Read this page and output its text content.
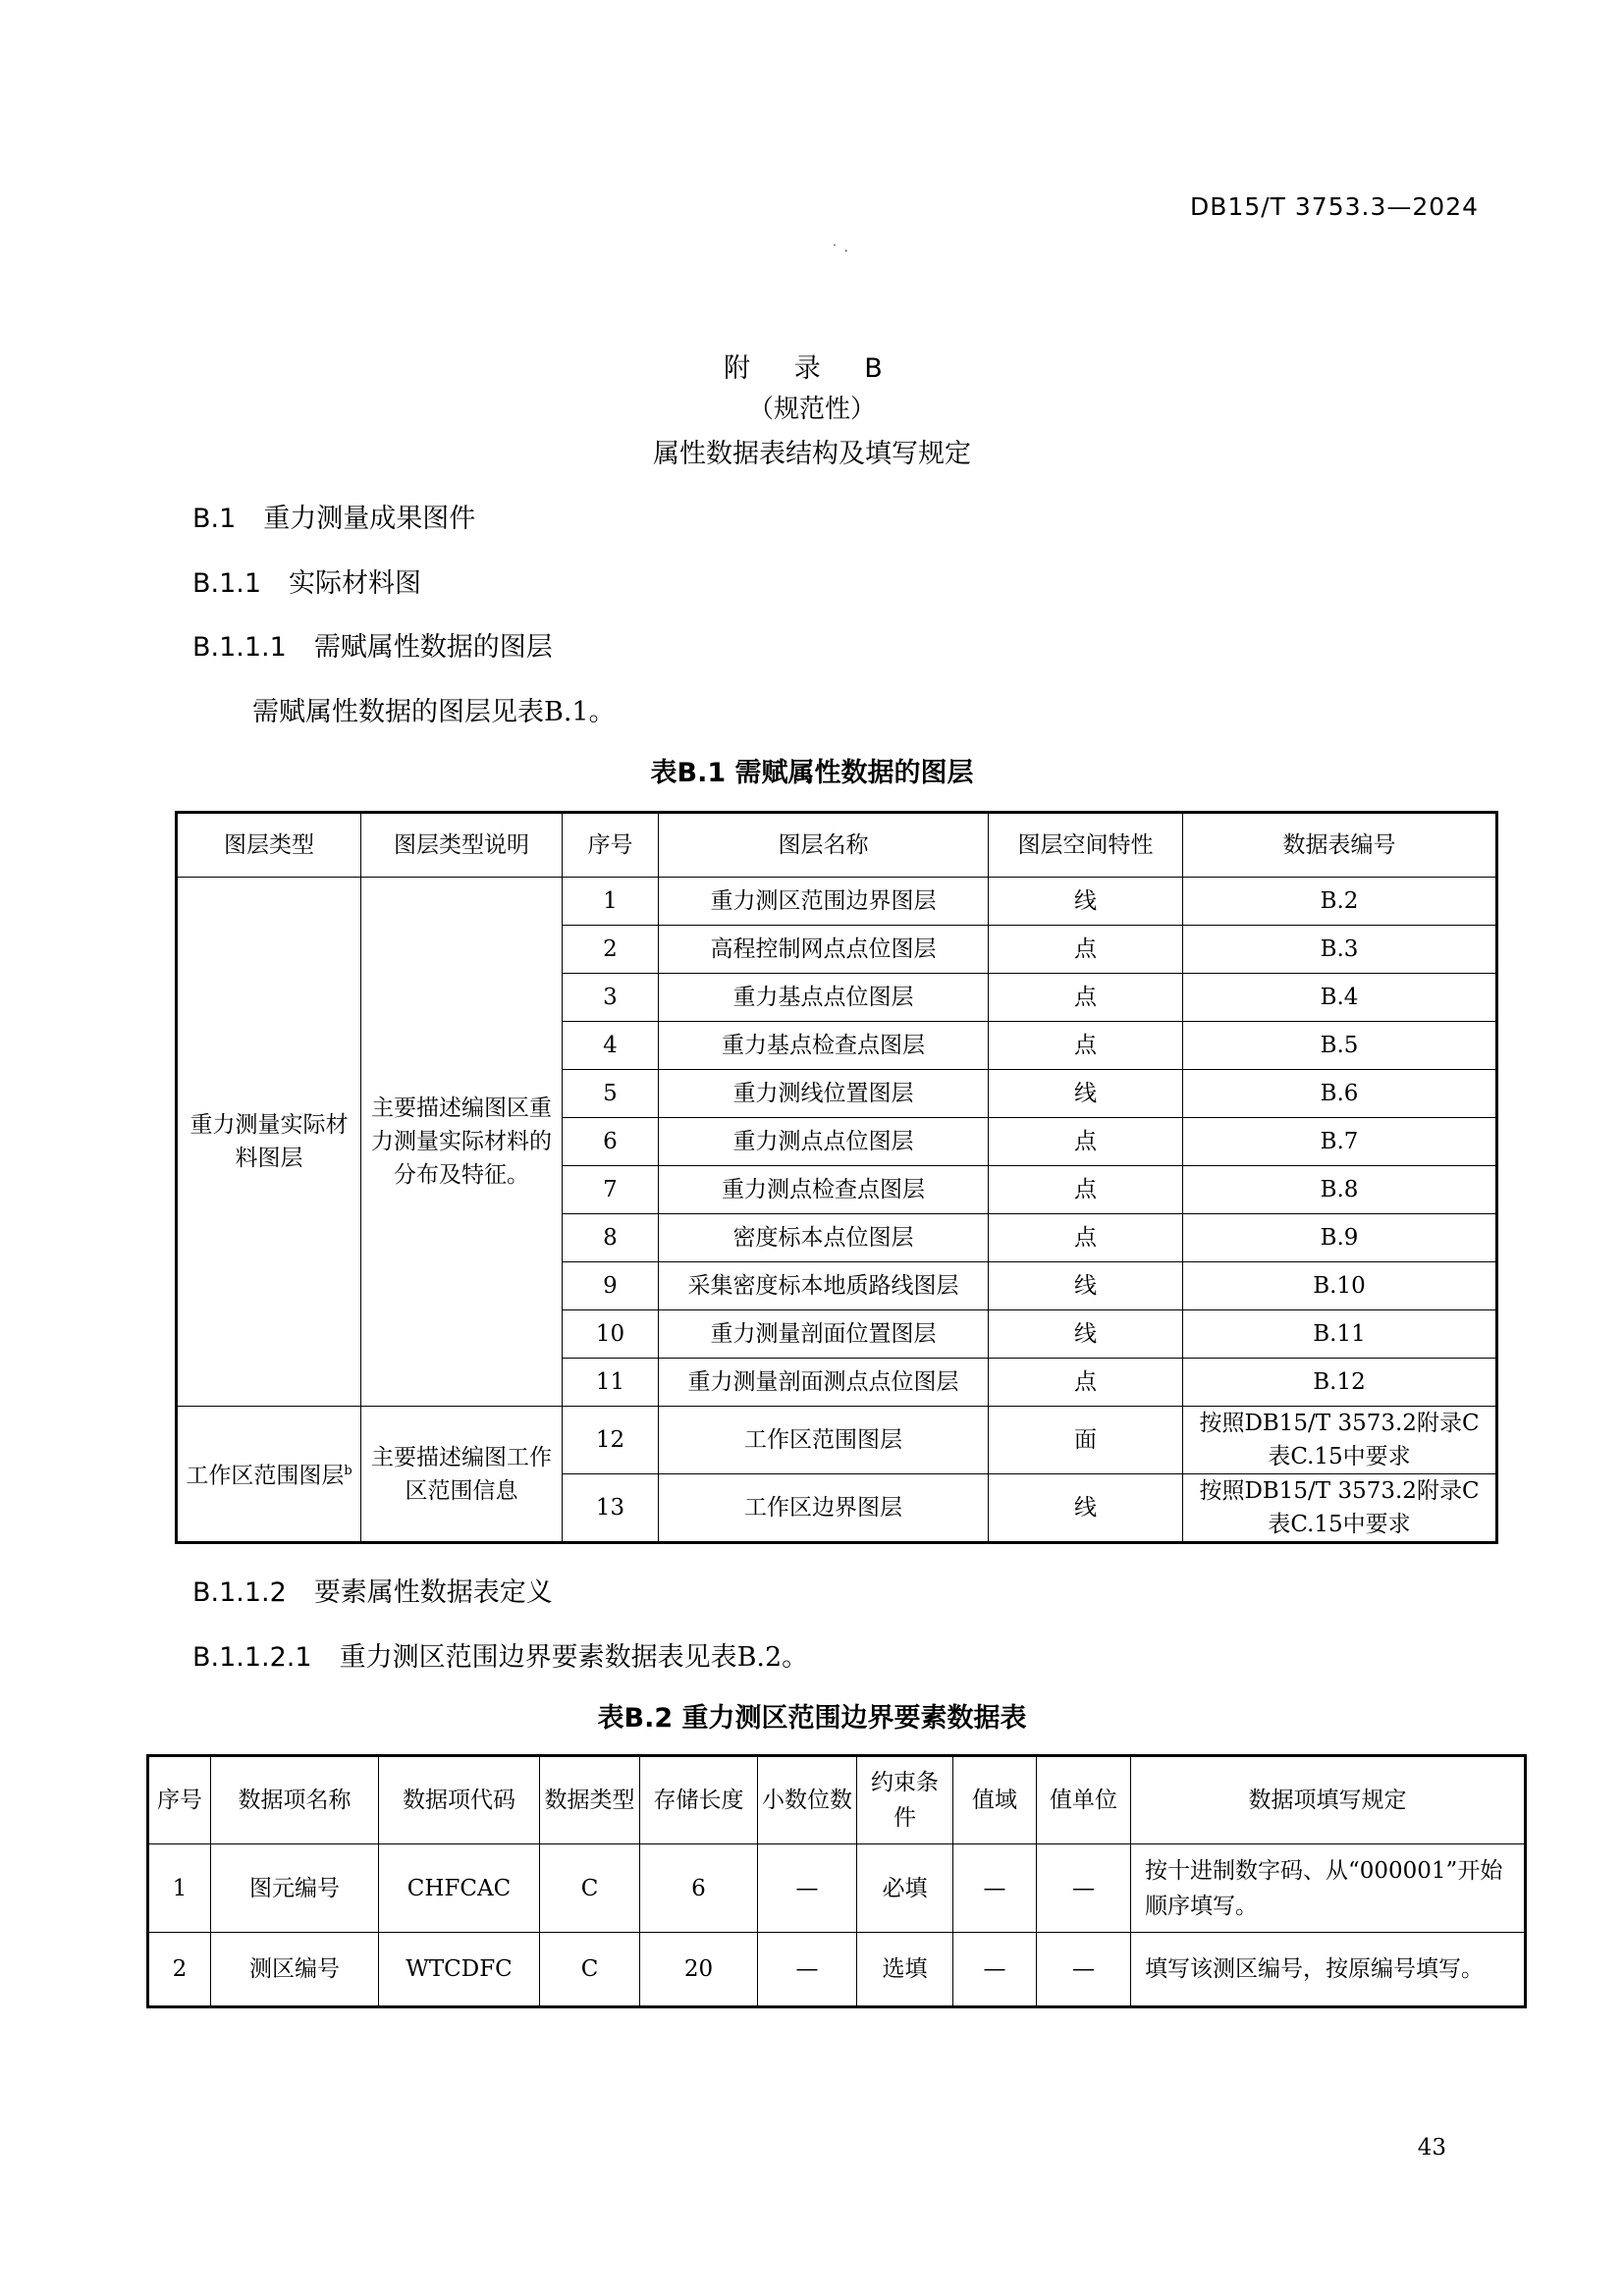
DB15/T 3753.3—2024
˙ ·
附 录 B
（规范性）
属性数据表结构及填写规定
B.1 重力测量成果图件
B.1.1 实际材料图
B.1.1.1 需赋属性数据的图层
需赋属性数据的图层见表B.1。
表B.1 需赋属性数据的图层
图层类型	图层类型说明	序号	图层名称	图层空间特性	数据表编号
重力测量实际材料图层	主要描述编图区重力测量实际材料的分布及特征。	1	重力测区范围边界图层	线	B.2
		2	高程控制网点点位图层	点	B.3
		3	重力基点点位图层	点	B.4
		4	重力基点检查点图层	点	B.5
		5	重力测线位置图层	线	B.6
		6	重力测点点位图层	点	B.7
		7	重力测点检查点图层	点	B.8
		8	密度标本点位图层	点	B.9
		9	采集密度标本地质路线图层	线	B.10
		10	重力测量剖面位置图层	线	B.11
		11	重力测量剖面测点点位图层	点	B.12
工作区范围图层$^b$	主要描述编图工作区范围信息	12	工作区范围图层	面	按照DB15/T 3573.2附录C 表C.15中要求
		13	工作区边界图层	线	按照DB15/T 3573.2附录C 表C.15中要求
B.1.1.2 要素属性数据表定义
B.1.1.2.1 重力测区范围边界要素数据表见表B.2。
表B.2 重力测区范围边界要素数据表
序号	数据项名称	数据项代码	数据类型	存储长度	小数位数	约束条件	值域	值单位	数据项填写规定
1	图元编号	CHFCAC	C	6	—	必填	—	—	按十进制数字码、从“000001”开始顺序填写。
2	测区编号	WTCDFC	C	20	—	选填	—	—	填写该测区编号，按原编号填写。
43
